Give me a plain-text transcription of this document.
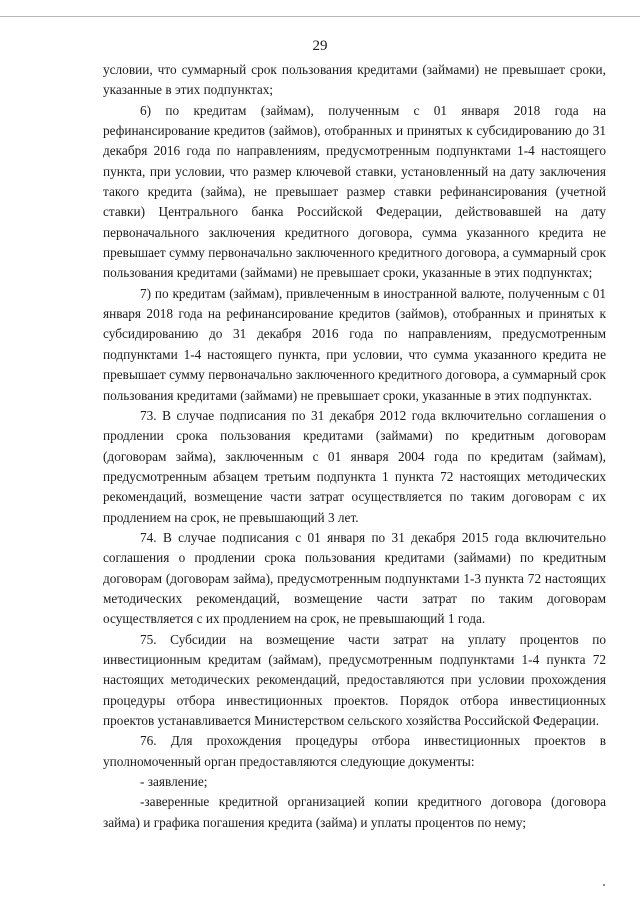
29

условии, что суммарный срок пользования кредитами (займами) не превышает сроки, указанные в этих подпунктах;

6) по кредитам (займам), полученным с 01 января 2018 года на рефинансирование кредитов (займов), отобранных и принятых к субсидированию до 31 декабря 2016 года по направлениям, предусмотренным подпунктами 1-4 настоящего пункта, при условии, что размер ключевой ставки, установленный на дату заключения такого кредита (займа), не превышает размер ставки рефинансирования (учетной ставки) Центрального банка Российской Федерации, действовавшей на дату первоначального заключения кредитного договора, сумма указанного кредита не превышает сумму первоначально заключенного кредитного договора, а суммарный срок пользования кредитами (займами) не превышает сроки, указанные в этих подпунктах;

7) по кредитам (займам), привлеченным в иностранной валюте, полученным с 01 января 2018 года на рефинансирование кредитов (займов), отобранных и принятых к субсидированию до 31 декабря 2016 года по направлениям, предусмотренным подпунктами 1-4 настоящего пункта, при условии, что сумма указанного кредита не превышает сумму первоначально заключенного кредитного договора, а суммарный срок пользования кредитами (займами) не превышает сроки, указанные в этих подпунктах.

73. В случае подписания по 31 декабря 2012 года включительно соглашения о продлении срока пользования кредитами (займами) по кредитным договорам (договорам займа), заключенным с 01 января 2004 года по кредитам (займам), предусмотренным абзацем третьим подпункта 1 пункта 72 настоящих методических рекомендаций, возмещение части затрат осуществляется по таким договорам с их продлением на срок, не превышающий 3 лет.

74. В случае подписания с 01 января по 31 декабря 2015 года включительно соглашения о продлении срока пользования кредитами (займами) по кредитным договорам (договорам займа), предусмотренным подпунктами 1-3 пункта 72 настоящих методических рекомендаций, возмещение части затрат по таким договорам осуществляется с их продлением на срок, не превышающий 1 года.

75. Субсидии на возмещение части затрат на уплату процентов по инвестиционным кредитам (займам), предусмотренным подпунктами 1-4 пункта 72 настоящих методических рекомендаций, предоставляются при условии прохождения процедуры отбора инвестиционных проектов. Порядок отбора инвестиционных проектов устанавливается Министерством сельского хозяйства Российской Федерации.

76. Для прохождения процедуры отбора инвестиционных проектов в уполномоченный орган предоставляются следующие документы:

- заявление;

-заверенные кредитной организацией копии кредитного договора (договора займа) и графика погашения кредита (займа) и уплаты процентов по нему;
